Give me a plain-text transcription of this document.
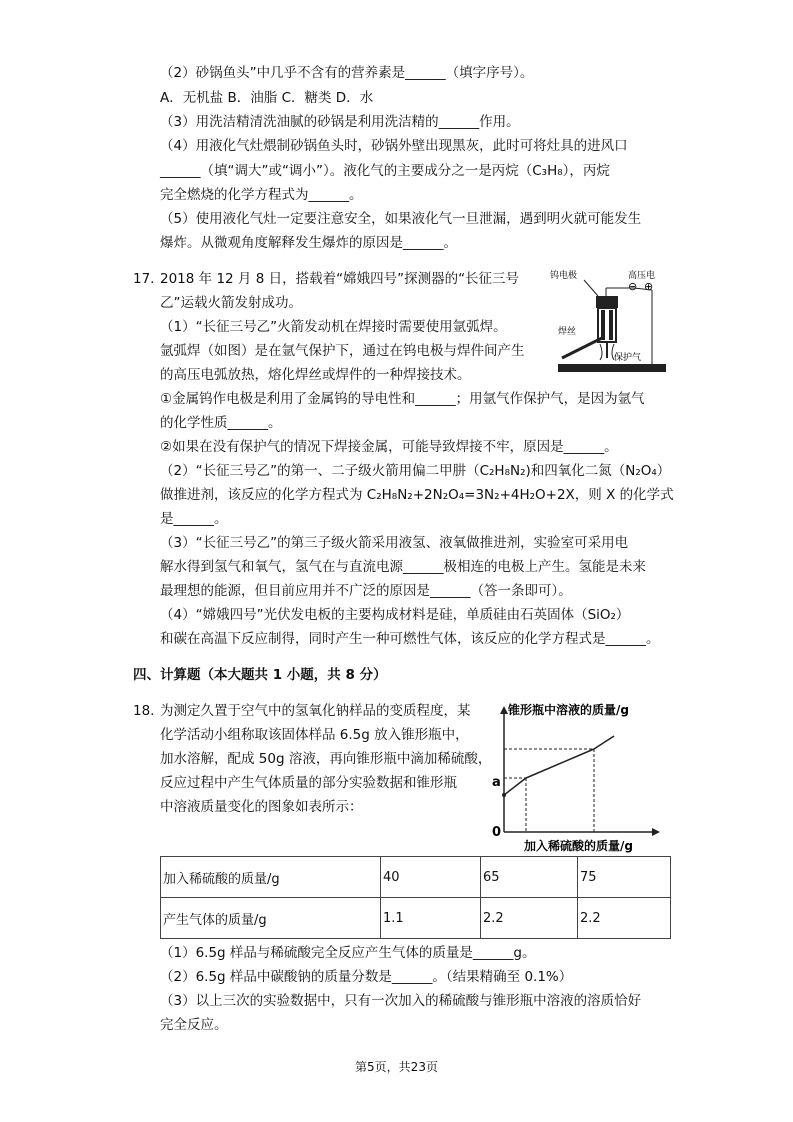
（2）砂锅鱼头”中几乎不含有的营养素是______（填字序号）。
A．无机盐 B．油脂 C．糖类 D．水
（3）用洗洁精清洗油腻的砂锅是利用洗洁精的______作用。
（4）用液化气灶煨制砂锅鱼头时，砂锅外壁出现黑灰，此时可将灶具的进风口
______（填“调大”或“调小”）。液化气的主要成分之一是丙烷（C₃H₈），丙烷
完全燃烧的化学方程式为______。
（5）使用液化气灶一定要注意安全，如果液化气一旦泄漏，遇到明火就可能发生
爆炸。从微观角度解释发生爆炸的原因是______。
17. 2018 年 12 月 8 日，搭载着“嫦娥四号”探测器的“长征三号
乙”运载火箭发射成功。
（1）“长征三号乙”火箭发动机在焊接时需要使用氩弧焊。
氩弧焊（如图）是在氩气保护下，通过在钨电极与焊件间产生
的高压电弧放热，熔化焊丝或焊件的一种焊接技术。
①金属钨作电极是利用了金属钨的导电性和______；用氩气作保护气，是因为氩气
的化学性质______。
②如果在没有保护气的情况下焊接金属，可能导致焊接不牢，原因是______。
（2）“长征三号乙”的第一、二子级火箭用偏二甲肼（C₂H₈N₂)和四氧化二氮（N₂O₄）
做推进剂，该反应的化学方程式为 C₂H₈N₂+2N₂O₄=3N₂+4H₂O+2X，则 X 的化学式
是______。
（3）“长征三号乙”的第三子级火箭采用液氢、液氧做推进剂，实验室可采用电
解水得到氢气和氧气，氢气在与直流电源______极相连的电极上产生。氢能是未来
最理想的能源，但目前应用并不广泛的原因是______（答一条即可）。
（4）“嫦娥四号”光伏发电板的主要构成材料是硅，单质硅由石英固体（SiO₂）
和碳在高温下反应制得，同时产生一种可燃性气体，该反应的化学方程式是______。
钨电极	高压电
⊖ ⊕
焊丝
保护气
四、计算题（本大题共 1 小题，共 8 分）
18. 为测定久置于空气中的氢氧化钠样品的变质程度，某
化学活动小组称取该固体样品 6.5g 放入锥形瓶中，
加水溶解，配成 50g 溶液，再向锥形瓶中滴加稀硫酸，
反应过程中产生气体质量的部分实验数据和锥形瓶
中溶液质量变化的图象如表所示：
锥形瓶中溶液的质量/g
a
0
加入稀硫酸的质量/g
加入稀硫酸的质量/g	40	65	75
产生气体的质量/g	1.1	2.2	2.2
（1）6.5g 样品与稀硫酸完全反应产生气体的质量是______g。
（2）6.5g 样品中碳酸钠的质量分数是______。（结果精确至 0.1%）
（3）以上三次的实验数据中，只有一次加入的稀硫酸与锥形瓶中溶液的溶质恰好
完全反应。
第5页，共23页
